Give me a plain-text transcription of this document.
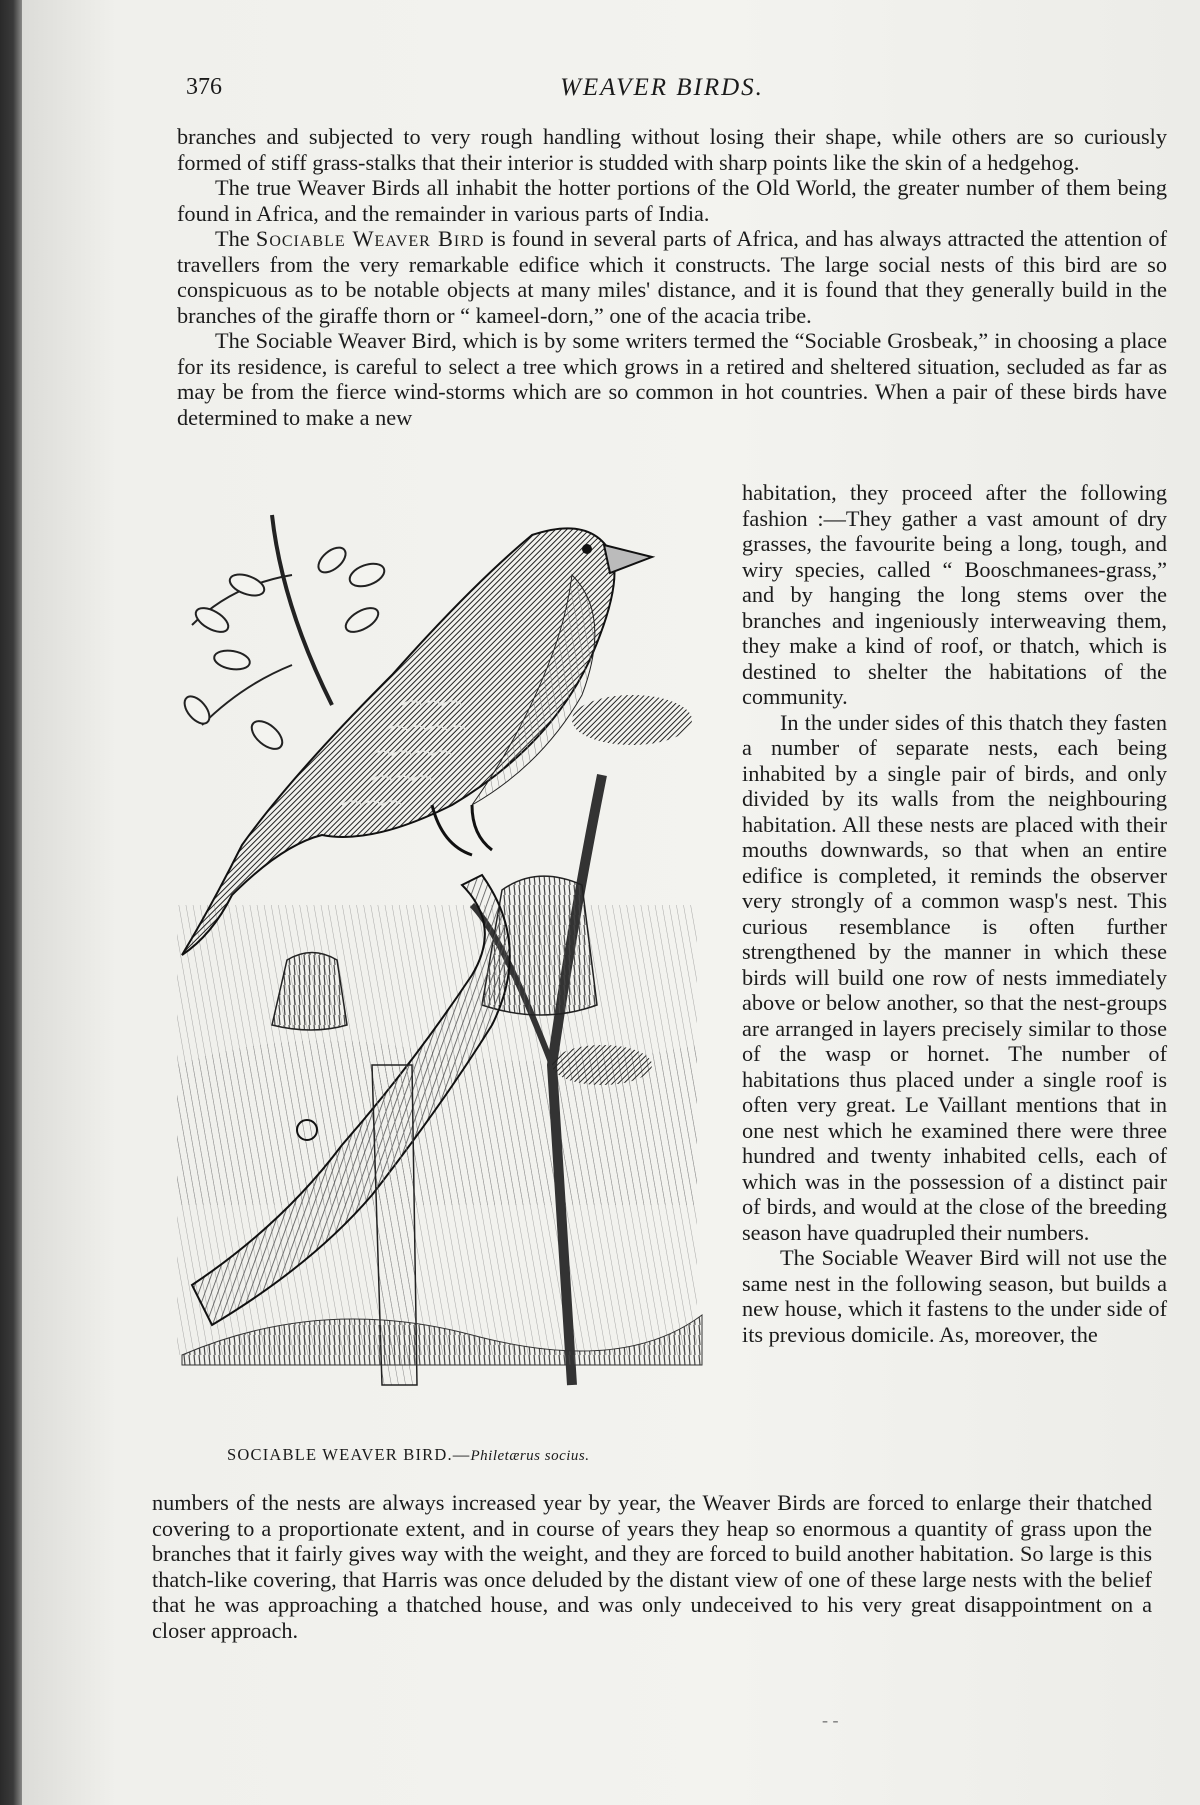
376	WEAVER BIRDS.

branches and subjected to very rough handling without losing their shape, while others are so curiously formed of stiff grass-stalks that their interior is studded with sharp points like the skin of a hedgehog.

The true Weaver Birds all inhabit the hotter portions of the Old World, the greater number of them being found in Africa, and the remainder in various parts of India.

The Sociable Weaver Bird is found in several parts of Africa, and has always attracted the attention of travellers from the very remarkable edifice which it constructs. The large social nests of this bird are so conspicuous as to be notable objects at many miles' distance, and it is found that they generally build in the branches of the giraffe thorn or “ kameel-dorn,” one of the acacia tribe.

The Sociable Weaver Bird, which is by some writers termed the “Sociable Grosbeak,” in choosing a place for its residence, is careful to select a tree which grows in a retired and sheltered situation, secluded as far as may be from the fierce wind-storms which are so common in hot countries. When a pair of these birds have determined to make a new

SOCIABLE WEAVER BIRD.—Philetærus socius.

habitation, they proceed after the following fashion :—They gather a vast amount of dry grasses, the favourite being a long, tough, and wiry species, called “ Booschmanees-grass,” and by hanging the long stems over the branches and ingeniously interweaving them, they make a kind of roof, or thatch, which is destined to shelter the habitations of the community.

In the under sides of this thatch they fasten a number of separate nests, each being inhabited by a single pair of birds, and only divided by its walls from the neighbouring habitation. All these nests are placed with their mouths downwards, so that when an entire edifice is completed, it reminds the observer very strongly of a common wasp's nest. This curious resemblance is often further strengthened by the manner in which these birds will build one row of nests immediately above or below another, so that the nest-groups are arranged in layers precisely similar to those of the wasp or hornet. The number of habitations thus placed under a single roof is often very great. Le Vaillant mentions that in one nest which he examined there were three hundred and twenty inhabited cells, each of which was in the possession of a distinct pair of birds, and would at the close of the breeding season have quadrupled their numbers.

The Sociable Weaver Bird will not use the same nest in the following season, but builds a new house, which it fastens to the under side of its previous domicile. As, moreover, the

numbers of the nests are always increased year by year, the Weaver Birds are forced to enlarge their thatched covering to a proportionate extent, and in course of years they heap so enormous a quantity of grass upon the branches that it fairly gives way with the weight, and they are forced to build another habitation. So large is this thatch-like covering, that Harris was once deluded by the distant view of one of these large nests with the belief that he was approaching a thatched house, and was only undeceived to his very great disappointment on a closer approach.

- -
